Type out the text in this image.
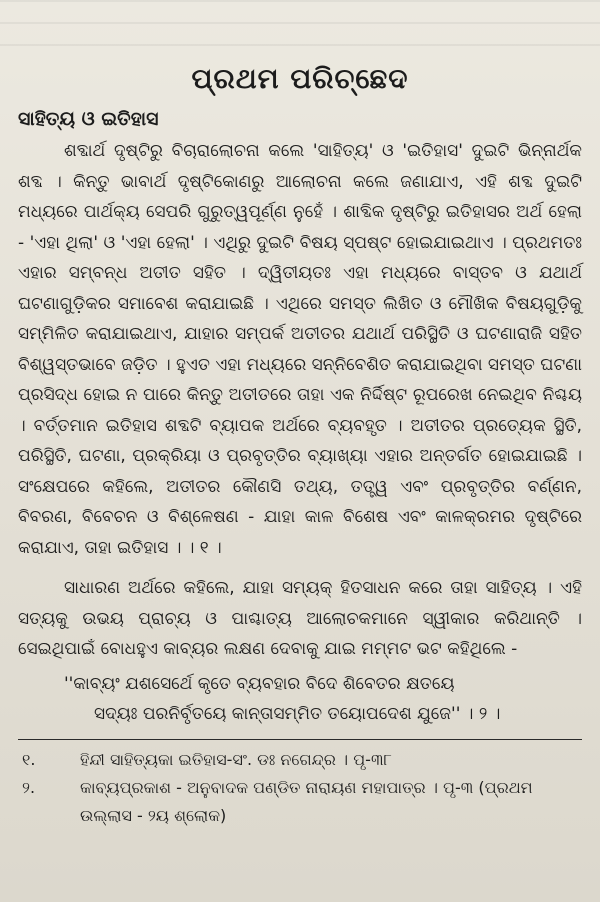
ପ୍ରଥମ ପରିଚ୍ଛେଦ
ସାହିତ୍ୟ ଓ ଇତିହାସ

ଶବ୍ଦାର୍ଥ ଦୃଷ୍ଟିରୁ ବିଚାରାଲୋଚନା କଲେ 'ସାହିତ୍ୟ' ଓ 'ଇତିହାସ' ଦୁଇଟି ଭିନ୍ନାର୍ଥକ ଶବ୍ଦ । କିନ୍ତୁ ଭାବାର୍ଥ ଦୃଷ୍ଟିକୋଣରୁ ଆଲୋଚନା କଲେ ଜଣାଯାଏ, ଏହି ଶବ୍ଦ ଦୁଇଟି ମଧ୍ୟରେ ପାର୍ଥକ୍ୟ ସେପରି ଗୁରୁତ୍ୱପୂର୍ଣ୍ଣ ନୁହେଁ । ଶାବ୍ଦିକ ଦୃଷ୍ଟିରୁ ଇତିହାସର ଅର୍ଥ ହେଲା - 'ଏହା ଥିଲା' ଓ 'ଏହା ହେଲା' । ଏଥିରୁ ଦୁଇଟି ବିଷୟ ସ୍ପଷ୍ଟ ହୋଇଯାଇଥାଏ । ପ୍ରଥମତଃ ଏହାର ସମ୍ବନ୍ଧ ଅତୀତ ସହିତ । ଦ୍ୱିତୀୟତଃ ଏହା ମଧ୍ୟରେ ବାସ୍ତବ ଓ ଯଥାର୍ଥ ଘଟଣାଗୁଡ଼ିକର ସମାବେଶ କରାଯାଇଛି । ଏଥିରେ ସମସ୍ତ ଲିଖିତ ଓ ମୌଖିକ ବିଷୟଗୁଡ଼ିକୁ ସମ୍ମିଳିତ କରାଯାଇଥାଏ, ଯାହାର ସମ୍ପର୍କ ଅତୀତର ଯଥାର୍ଥ ପରିସ୍ଥିତି ଓ ଘଟଣାରାଜି ସହିତ ବିଶ୍ୱସ୍ତଭାବେ ଜଡ଼ିତ । ହୁଏତ ଏହା ମଧ୍ୟରେ ସନ୍ନିବେଶିତ କରାଯାଇଥିବା ସମସ୍ତ ଘଟଣା ପ୍ରସିଦ୍ଧ ହୋଇ ନ ପାରେ କିନ୍ତୁ ଅତୀତରେ ତାହା ଏକ ନିର୍ଦ୍ଦିଷ୍ଟ ରୂପରେଖ ନେଇଥିବ ନିଶ୍ଚୟ । ବର୍ତ୍ତମାନ ଇତିହାସ ଶବ୍ଦଟି ବ୍ୟାପକ ଅର୍ଥରେ ବ୍ୟବହୃତ । ଅତୀତର ପ୍ରତ୍ୟେକ ସ୍ଥିତି, ପରିସ୍ଥିତି, ଘଟଣା, ପ୍ରକ୍ରିୟା ଓ ପ୍ରବୃତ୍ତିର ବ୍ୟାଖ୍ୟା ଏହାର ଅନ୍ତର୍ଗତ ହୋଇଯାଇଛି । ସଂକ୍ଷେପରେ କହିଲେ, ଅତୀତର କୌଣସି ତଥ୍ୟ, ତତ୍ତ୍ୱ ଏବଂ ପ୍ରବୃତ୍ତିର ବର୍ଣ୍ଣନ, ବିବରଣ, ବିବେଚନ ଓ ବିଶ୍ଳେଷଣ - ଯାହା କାଳ ବିଶେଷ ଏବଂ କାଳକ୍ରମର ଦୃଷ୍ଟିରେ କରାଯାଏ, ତାହା ଇତିହାସ । । ୧ ।

ସାଧାରଣ ଅର୍ଥରେ କହିଲେ, ଯାହା ସମ୍ୟକ୍ ହିତସାଧନ କରେ ତାହା ସାହିତ୍ୟ । ଏହି ସତ୍ୟକୁ ଉଭୟ ପ୍ରାଚ୍ୟ ଓ ପାଶ୍ଚାତ୍ୟ ଆଲୋଚକମାନେ ସ୍ୱୀକାର କରିଥାନ୍ତି । ସେଇଥିପାଇଁ ବୋଧହୁଏ କାବ୍ୟର ଲକ୍ଷଣ ଦେବାକୁ ଯାଇ ମମ୍ମଟ ଭଟ କହିଥିଲେ -

''କାବ୍ୟଂ ଯଶସେର୍ଥେ କୃତେ ବ୍ୟବହାର ବିଦେ ଶିବେତର କ୍ଷତୟେ
ସଦ୍ୟଃ ପରନିର୍ବୃତୟେ କାନ୍ତାସମ୍ମିତ ତୟୋପଦେଶ ଯୁଜେ'' । ୨ ।
୧.	ହିନ୍ଦୀ ସାହିତ୍ୟକା ଇତିହାସ-ସଂ. ଡଃ ନଗେନ୍ଦ୍ର । ପୃ-୩୮
୨.	କାବ୍ୟପ୍ରକାଶ - ଅନୁବାଦକ ପଣ୍ଡିତ ନାରାୟଣ ମହାପାତ୍ର । ପୃ-୩ (ପ୍ରଥମ ଉଲ୍ଲାସ - ୨ୟ ଶ୍ଲୋକ)
